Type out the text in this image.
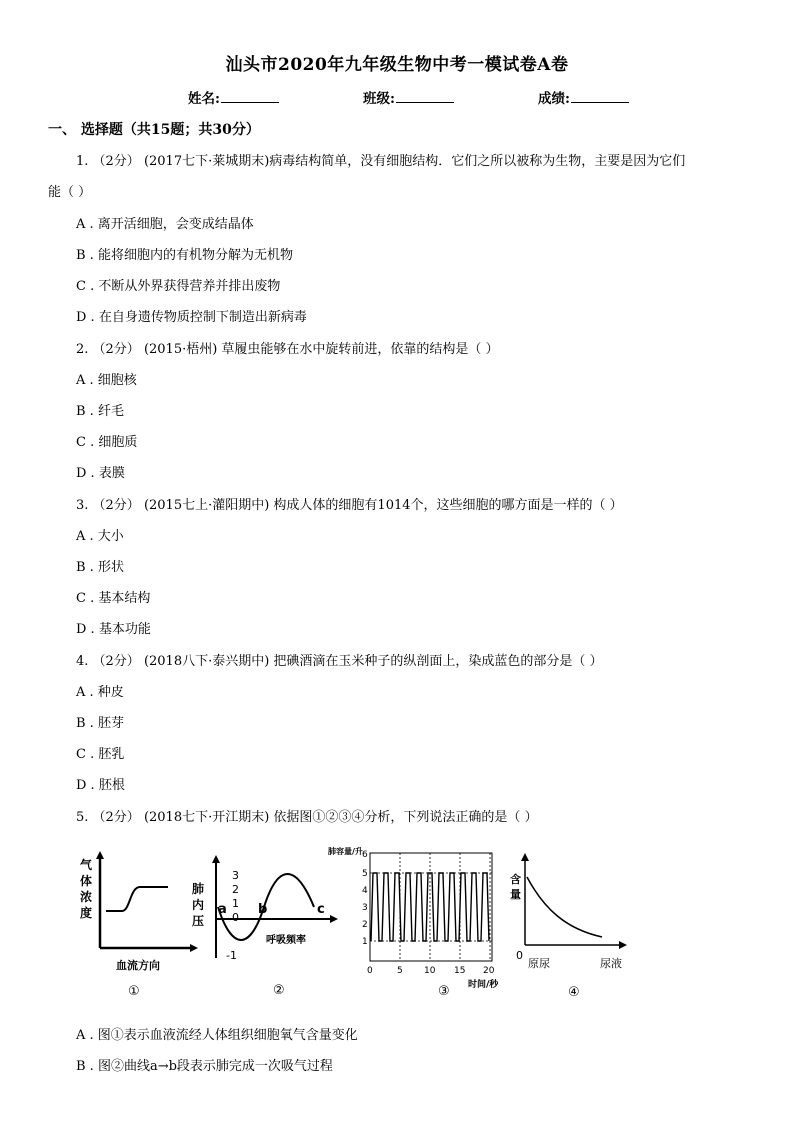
汕头市2020年九年级生物中考一模试卷A卷
姓名:	班级:	成绩:
一、 选择题（共15题；共30分）
1. （2分） (2017七下·莱城期末)病毒结构简单，没有细胞结构．它们之所以被称为生物，主要是因为它们
能（ ）
A . 离开活细胞，会变成结晶体
B . 能将细胞内的有机物分解为无机物
C . 不断从外界获得营养并排出废物
D . 在自身遗传物质控制下制造出新病毒
2. （2分） (2015·梧州) 草履虫能够在水中旋转前进，依靠的结构是（ ）
A . 细胞核
B . 纤毛
C . 细胞质
D . 表膜
3. （2分） (2015七上·灌阳期中) 构成人体的细胞有1014个，这些细胞的哪方面是一样的（ ）
A . 大小
B . 形状
C . 基本结构
D . 基本功能
4. （2分） (2018八下·泰兴期中) 把碘酒滴在玉米种子的纵剖面上，染成蓝色的部分是（ ）
A . 种皮
B . 胚芽
C . 胚乳
D . 胚根
5. （2分） (2018七下·开江期末) 依据图①②③④分析，下列说法正确的是（ ）
气
体
浓
度
血流方向
①
肺
内
压
3
2
1
0
-1
a b	c
呼吸频率
②
肺容量/升 6
5
4
3
2
1
0	5 10 15 20
时间/秒
③
含
量
0
原尿	尿液
④
A . 图①表示血液流经人体组织细胞氧气含量变化
B . 图②曲线a→b段表示肺完成一次吸气过程
